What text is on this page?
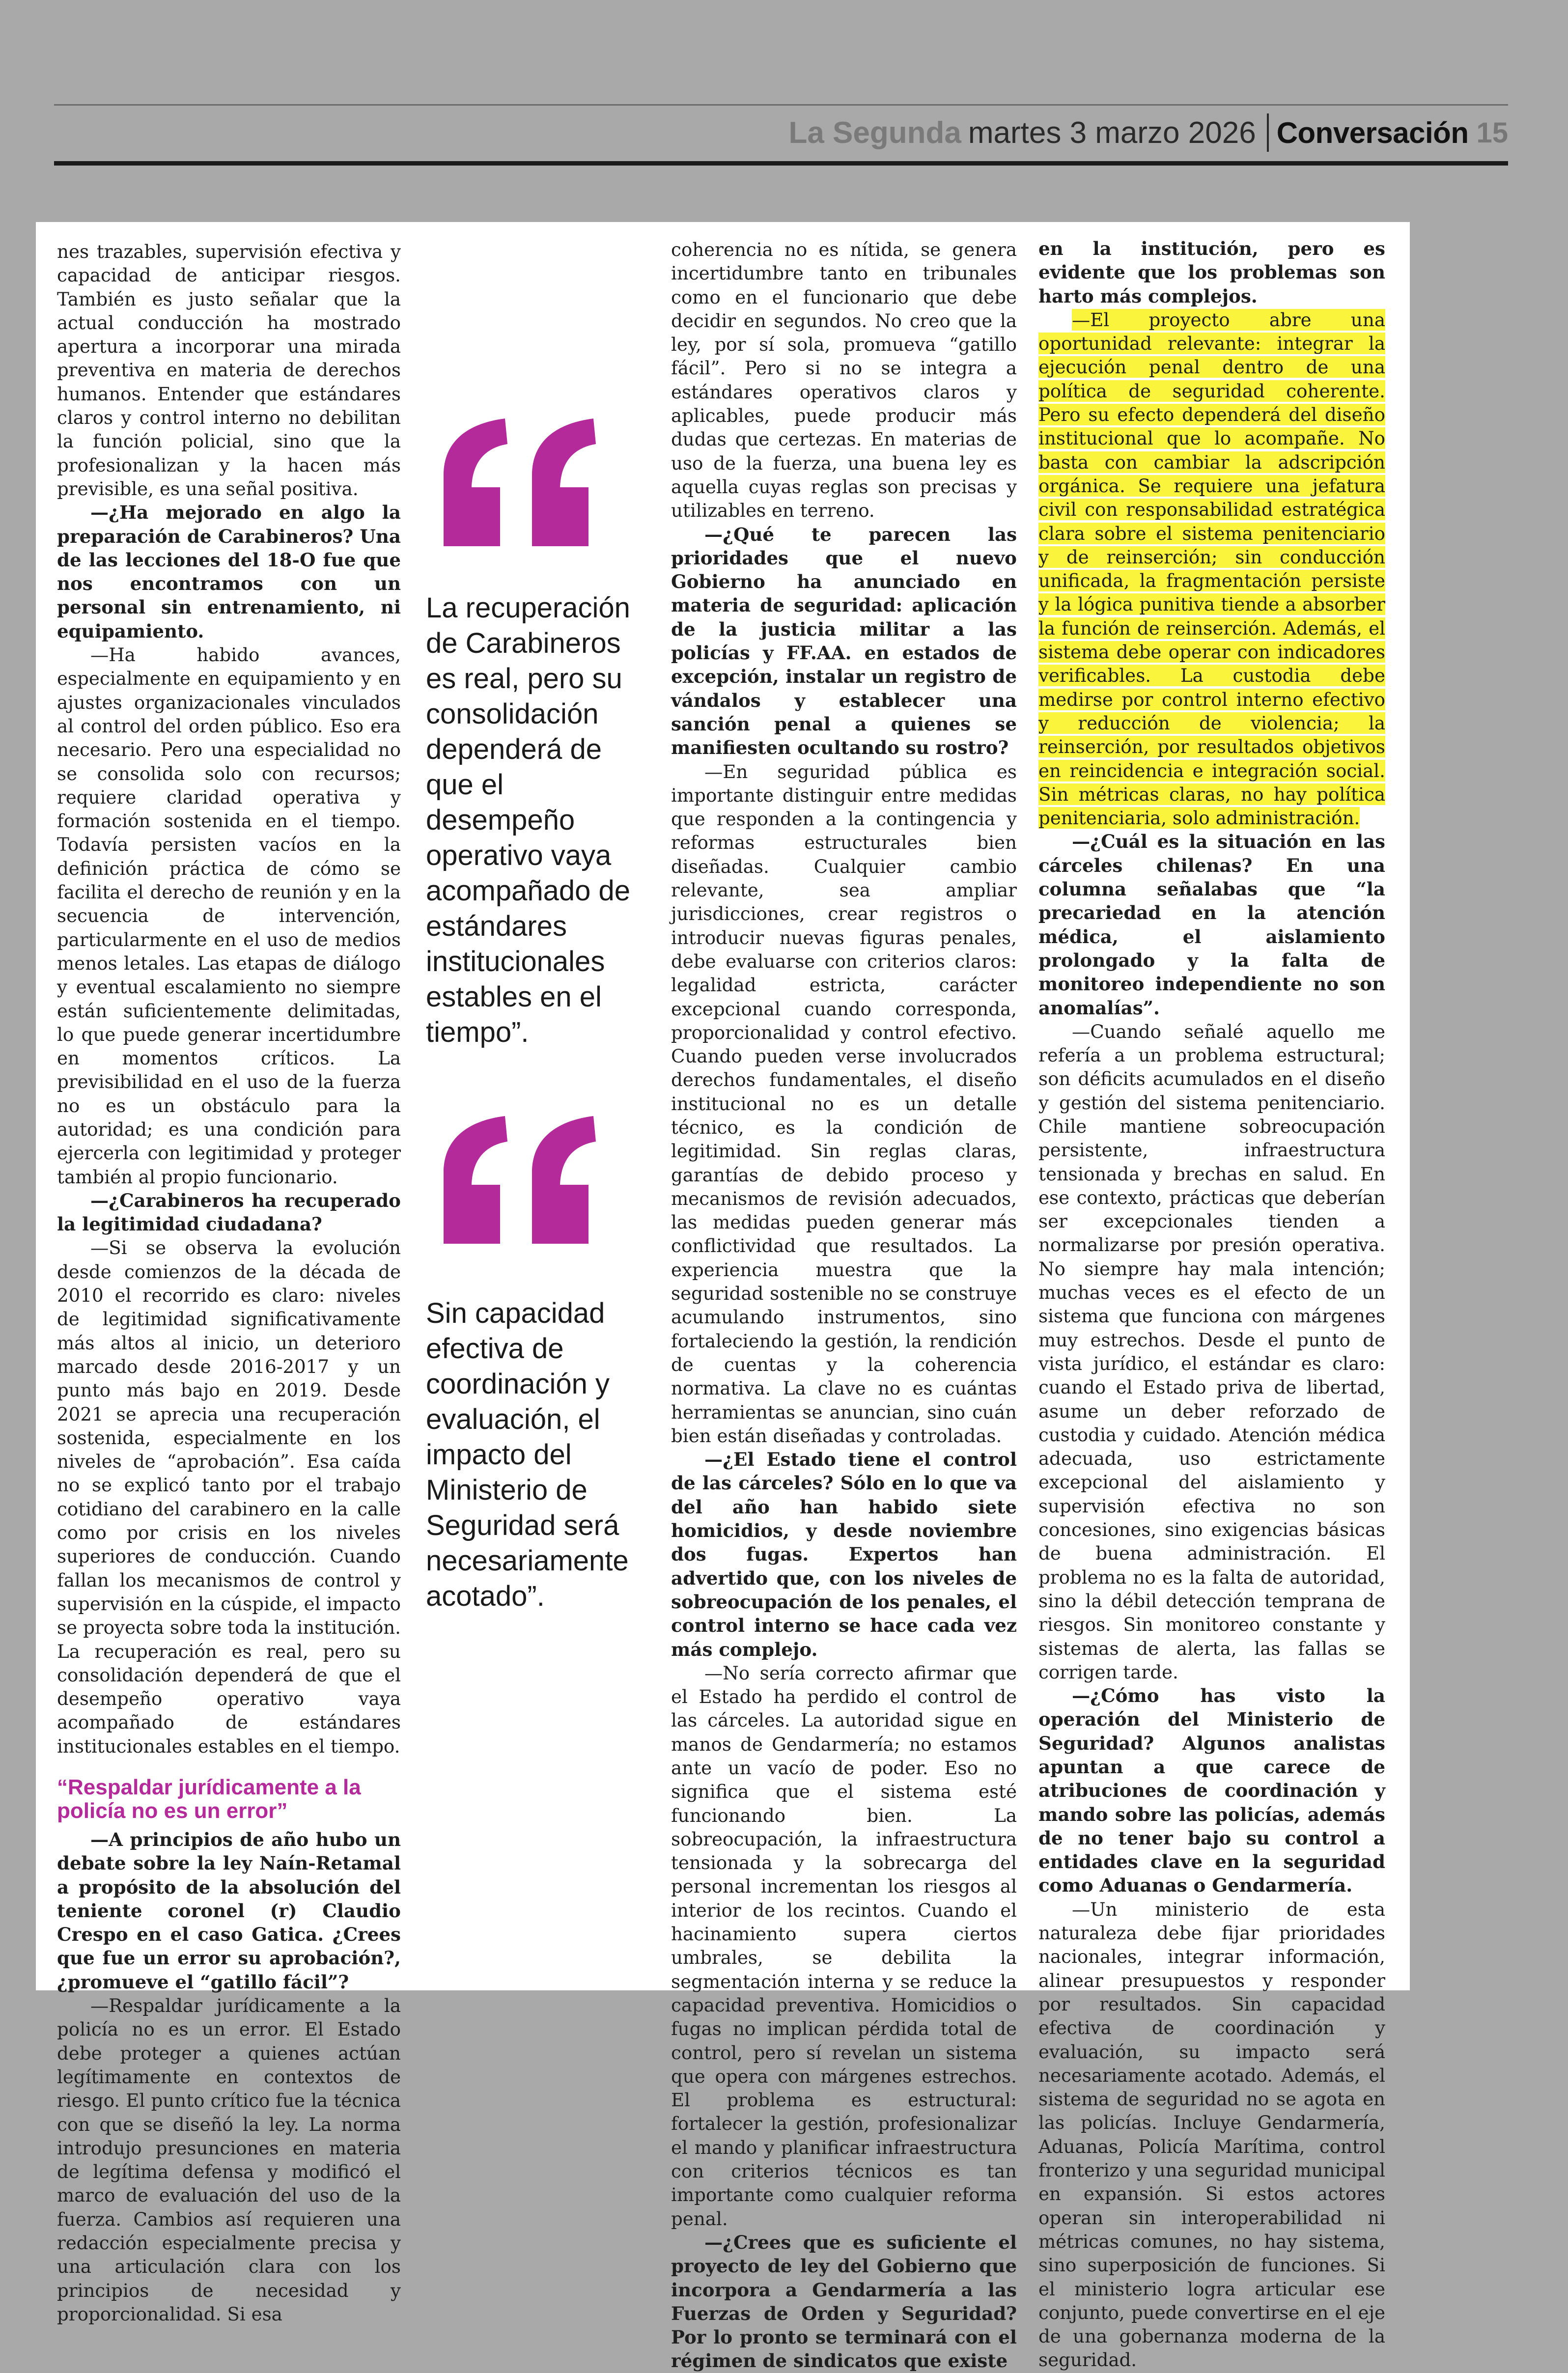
La Segunda martes 3 marzo 2026 Conversación 15

nes trazables, supervisión efectiva y capacidad de anticipar riesgos. También es justo señalar que la actual conducción ha mostrado apertura a incorporar una mirada preventiva en materia de derechos humanos. Entender que estándares claros y control interno no debilitan la función policial, sino que la profesionalizan y la hacen más previsible, es una señal positiva.

—¿Ha mejorado en algo la preparación de Carabineros? Una de las lecciones del 18-O fue que nos encontramos con un personal sin entrenamiento, ni equipamiento.

—Ha habido avances, especialmente en equipamiento y en ajustes organizacionales vinculados al control del orden público. Eso era necesario. Pero una especialidad no se consolida solo con recursos; requiere claridad operativa y formación sostenida en el tiempo. Todavía persisten vacíos en la definición práctica de cómo se facilita el derecho de reunión y en la secuencia de intervención, particularmente en el uso de medios menos letales. Las etapas de diálogo y eventual escalamiento no siempre están suficientemente delimitadas, lo que puede generar incertidumbre en momentos críticos. La previsibilidad en el uso de la fuerza no es un obstáculo para la autoridad; es una condición para ejercerla con legitimidad y proteger también al propio funcionario.

—¿Carabineros ha recuperado la legitimidad ciudadana?

—Si se observa la evolución desde comienzos de la década de 2010 el recorrido es claro: niveles de legitimidad significativamente más altos al inicio, un deterioro marcado desde 2016-2017 y un punto más bajo en 2019. Desde 2021 se aprecia una recuperación sostenida, especialmente en los niveles de “aprobación”. Esa caída no se explicó tanto por el trabajo cotidiano del carabinero en la calle como por crisis en los niveles superiores de conducción. Cuando fallan los mecanismos de control y supervisión en la cúspide, el impacto se proyecta sobre toda la institución. La recuperación es real, pero su consolidación dependerá de que el desempeño operativo vaya acompañado de estándares institucionales estables en el tiempo.

“Respaldar jurídicamente a la policía no es un error”

—A principios de año hubo un debate sobre la ley Naín-Retamal a propósito de la absolución del teniente coronel (r) Claudio Crespo en el caso Gatica. ¿Crees que fue un error su aprobación?, ¿promueve el “gatillo fácil”?

—Respaldar jurídicamente a la policía no es un error. El Estado debe proteger a quienes actúan legítimamente en contextos de riesgo. El punto crítico fue la técnica con que se diseñó la ley. La norma introdujo presunciones en materia de legítima defensa y modificó el marco de evaluación del uso de la fuerza. Cambios así requieren una redacción especialmente precisa y una articulación clara con los principios de necesidad y proporcionalidad. Si esa

La recuperación de Carabineros es real, pero su consolidación dependerá de que el desempeño operativo vaya acompañado de estándares institucionales estables en el tiempo”.
Sin capacidad efectiva de coordinación y evaluación, el impacto del Ministerio de Seguridad será necesariamente acotado”.

coherencia no es nítida, se genera incertidumbre tanto en tribunales como en el funcionario que debe decidir en segundos. No creo que la ley, por sí sola, promueva “gatillo fácil”. Pero si no se integra a estándares operativos claros y aplicables, puede producir más dudas que certezas. En materias de uso de la fuerza, una buena ley es aquella cuyas reglas son precisas y utilizables en terreno.

—¿Qué te parecen las prioridades que el nuevo Gobierno ha anunciado en materia de seguridad: aplicación de la justicia militar a las policías y FF.AA. en estados de excepción, instalar un registro de vándalos y establecer una sanción penal a quienes se manifiesten ocultando su rostro?

—En seguridad pública es importante distinguir entre medidas que responden a la contingencia y reformas estructurales bien diseñadas. Cualquier cambio relevante, sea ampliar jurisdicciones, crear registros o introducir nuevas figuras penales, debe evaluarse con criterios claros: legalidad estricta, carácter excepcional cuando corresponda, proporcionalidad y control efectivo. Cuando pueden verse involucrados derechos fundamentales, el diseño institucional no es un detalle técnico, es la condición de legitimidad. Sin reglas claras, garantías de debido proceso y mecanismos de revisión adecuados, las medidas pueden generar más conflictividad que resultados. La experiencia muestra que la seguridad sostenible no se construye acumulando instrumentos, sino fortaleciendo la gestión, la rendición de cuentas y la coherencia normativa. La clave no es cuántas herramientas se anuncian, sino cuán bien están diseñadas y controladas.

—¿El Estado tiene el control de las cárceles? Sólo en lo que va del año han habido siete homicidios, y desde noviembre dos fugas. Expertos han advertido que, con los niveles de sobreocupación de los penales, el control interno se hace cada vez más complejo.

—No sería correcto afirmar que el Estado ha perdido el control de las cárceles. La autoridad sigue en manos de Gendarmería; no estamos ante un vacío de poder. Eso no significa que el sistema esté funcionando bien. La sobreocupación, la infraestructura tensionada y la sobrecarga del personal incrementan los riesgos al interior de los recintos. Cuando el hacinamiento supera ciertos umbrales, se debilita la segmentación interna y se reduce la capacidad preventiva. Homicidios o fugas no implican pérdida total de control, pero sí revelan un sistema que opera con márgenes estrechos. El problema es estructural: fortalecer la gestión, profesionalizar el mando y planificar infraestructura con criterios técnicos es tan importante como cualquier reforma penal.

—¿Crees que es suficiente el proyecto de ley del Gobierno que incorpora a Gendarmería a las Fuerzas de Orden y Seguridad? Por lo pronto se terminará con el régimen de sindicatos que existe

en la institución, pero es evidente que los problemas son harto más complejos.

—El proyecto abre una oportunidad relevante: integrar la ejecución penal dentro de una política de seguridad coherente. Pero su efecto dependerá del diseño institucional que lo acompañe. No basta con cambiar la adscripción orgánica. Se requiere una jefatura civil con responsabilidad estratégica clara sobre el sistema penitenciario y de reinserción; sin conducción unificada, la fragmentación persiste y la lógica punitiva tiende a absorber la función de reinserción. Además, el sistema debe operar con indicadores verificables. La custodia debe medirse por control interno efectivo y reducción de violencia; la reinserción, por resultados objetivos en reincidencia e integración social. Sin métricas claras, no hay política penitenciaria, solo administración.

—¿Cuál es la situación en las cárceles chilenas? En una columna señalabas que “la precariedad en la atención médica, el aislamiento prolongado y la falta de monitoreo independiente no son anomalías”.

—Cuando señalé aquello me refería a un problema estructural; son déficits acumulados en el diseño y gestión del sistema penitenciario. Chile mantiene sobreocupación persistente, infraestructura tensionada y brechas en salud. En ese contexto, prácticas que deberían ser excepcionales tienden a normalizarse por presión operativa. No siempre hay mala intención; muchas veces es el efecto de un sistema que funciona con márgenes muy estrechos. Desde el punto de vista jurídico, el estándar es claro: cuando el Estado priva de libertad, asume un deber reforzado de custodia y cuidado. Atención médica adecuada, uso estrictamente excepcional del aislamiento y supervisión efectiva no son concesiones, sino exigencias básicas de buena administración. El problema no es la falta de autoridad, sino la débil detección temprana de riesgos. Sin monitoreo constante y sistemas de alerta, las fallas se corrigen tarde.

—¿Cómo has visto la operación del Ministerio de Seguridad? Algunos analistas apuntan a que carece de atribuciones de coordinación y mando sobre las policías, además de no tener bajo su control a entidades clave en la seguridad como Aduanas o Gendarmería.

—Un ministerio de esta naturaleza debe fijar prioridades nacionales, integrar información, alinear presupuestos y responder por resultados. Sin capacidad efectiva de coordinación y evaluación, su impacto será necesariamente acotado. Además, el sistema de seguridad no se agota en las policías. Incluye Gendarmería, Aduanas, Policía Marítima, control fronterizo y una seguridad municipal en expansión. Si estos actores operan sin interoperabilidad ni métricas comunes, no hay sistema, sino superposición de funciones. Si el ministerio logra articular ese conjunto, puede convertirse en el eje de una gobernanza moderna de la seguridad.
